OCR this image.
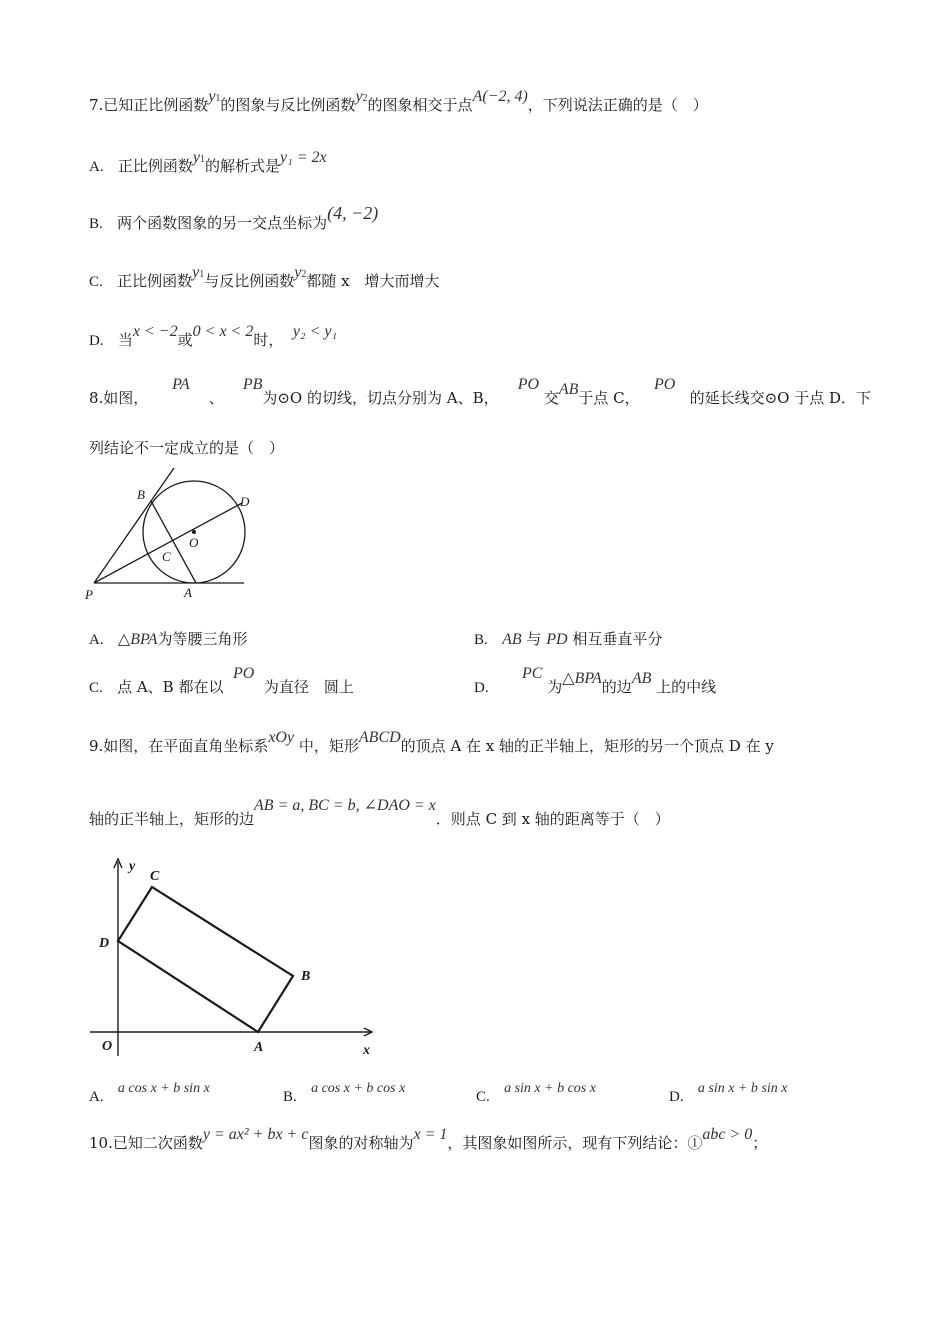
7.已知正比例函数y1的图象与反比例函数y2的图象相交于点A(−2, 4)，下列说法正确的是（　）
A. 正比例函数y1的解析式是y₁ = 2x
B. 两个函数图象的另一交点坐标为(4, −2)
C. 正比例函数y1与反比例函数y2都随 x　增大而增大
D. 当x < −2或0 < x < 2时， y₂ < y₁
8.如图，     PA    、    PB为⊙O 的切线，切点分别为 A、B，    PO 交AB于点 C，   PO   的延长线交⊙O 于点 D．下
列结论不一定成立的是（　）
B	D
O
C
P	A
A. △BPA为等腰三角形	B. AB 与 PD 相互垂直平分
C. 点 A、B 都在以  PO  为直径　圆上	D.       PC 为△BPA的边AB 上的中线
9.如图，在平面直角坐标系xOy 中，矩形ABCD的顶点 A 在 x 轴的正半轴上，矩形的另一个顶点 D 在 y
轴的正半轴上，矩形的边AB = a, BC = b, ∠DAO = x．则点 C 到 x 轴的距离等于（　）
y
C
D
B
O	A	x
A.   a cos x + b sin x
B.   a cos x + b cos x
C.   a sin x + b cos x
D.   a sin x + b sin x
10.已知二次函数y = ax² + bx + c图象的对称轴为x = 1，其图象如图所示，现有下列结论：①abc > 0；
